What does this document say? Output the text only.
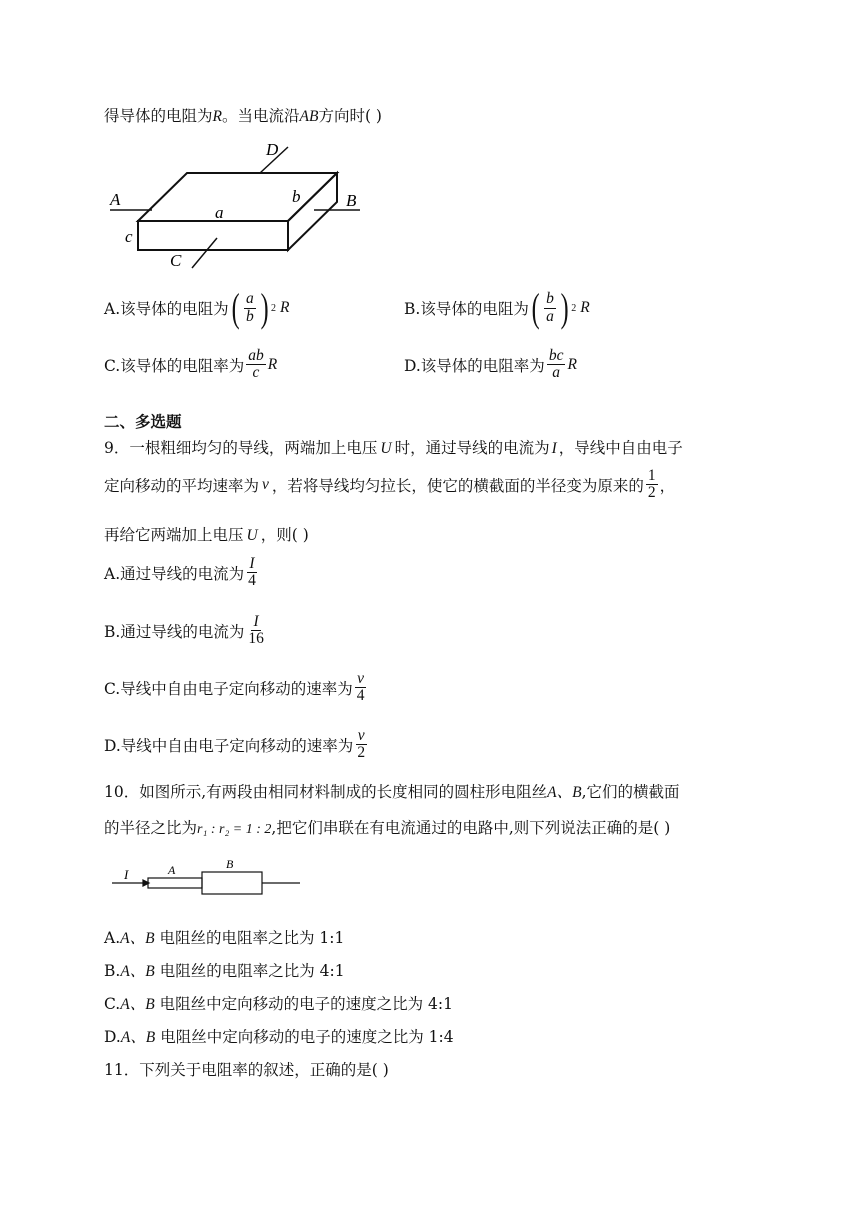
得导体的电阻为R。当电流沿AB方向时( )
A	B
D
C
a
b
c
A.该导体的电阻为 ( $\frac{a}{b}$ ) 2 R	B.该导体的电阻为 ( $\frac{b}{a}$ ) 2 R
C.该导体的电阻率为 $\frac{ab}{c}$ R	D.该导体的电阻率为 $\frac{bc}{a}$ R
二、多选题
9．一根粗细均匀的导线，两端加上电压 U 时，通过导线的电流为 I ，导线中自由电子
定向移动的平均速率为 v ，若将导线均匀拉长，使它的横截面的半径变为原来的 $\frac{1}{2}$ ，
再给它两端加上电压 U ，则( )
A.通过导线的电流为 $\frac{I}{4}$
B.通过导线的电流为 $\frac{I}{16}$
C.导线中自由电子定向移动的速率为 $\frac{v}{4}$
D.导线中自由电子定向移动的速率为 $\frac{v}{2}$
10．如图所示,有两段由相同材料制成的长度相同的圆柱形电阻丝A、B,它们的横截面
的半径之比为r₁ : r₂ = 1 : 2,把它们串联在有电流通过的电路中,则下列说法正确的是( )
I	A	B
A.A、B 电阻丝的电阻率之比为 1:1
B.A、B 电阻丝的电阻率之比为 4:1
C.A、B 电阻丝中定向移动的电子的速度之比为 4:1
D.A、B 电阻丝中定向移动的电子的速度之比为 1:4
11．下列关于电阻率的叙述，正确的是( )
